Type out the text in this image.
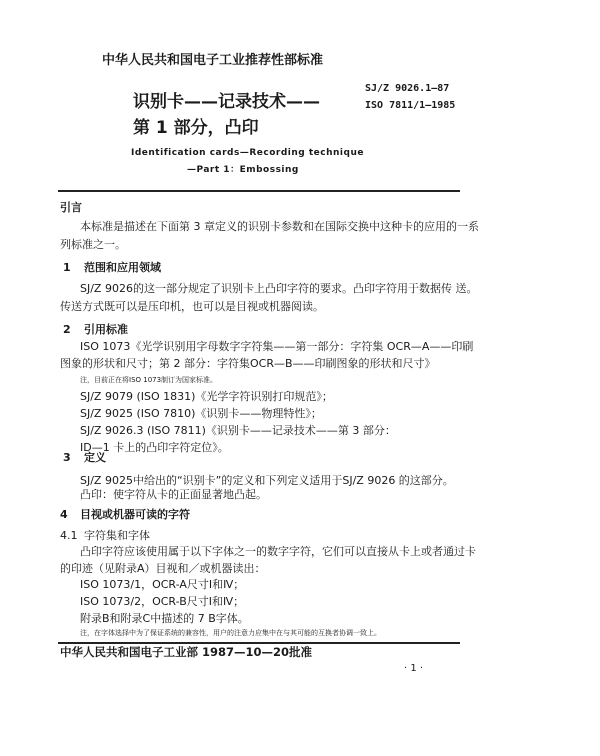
中华人民共和国电子工业推荐性部标准
SJ/Z 9026.1—87
ISO 7811/1—1985
识别卡——记录技术——
第 1 部分，凸印
Identification cards—Recording technique
—Part 1：Embossing
引言
本标准是描述在下面第 3 章定义的识别卡参数和在国际交换中这种卡的应用的一系
列标准之一。
1 范围和应用领域
SJ/Z 9026的这一部分规定了识别卡上凸印字符的要求。凸印字符用于数据传 送。
传送方式既可以是压印机，也可以是目视或机器阅读。
2 引用标准
ISO 1073《光学识别用字母数字字符集——第一部分：字符集 OCR—A——印刷
图象的形状和尺寸；第 2 部分：字符集OCR—B——印刷图象的形状和尺寸》
注，目前正在将ISO 1073制订为国家标准。
SJ/Z 9079 (ISO 1831)《光学字符识别打印规范》；
SJ/Z 9025 (ISO 7810)《识别卡——物理特性》；
SJ/Z 9026.3 (ISO 7811)《识别卡——记录技术——第 3 部分：
ID—1 卡上的凸印字符定位》。
3 定义
SJ/Z 9025中给出的“识别卡”的定义和下列定义适用于SJ/Z 9026 的这部分。
凸印：使字符从卡的正面显著地凸起。
4 目视或机器可读的字符
4.1 字符集和字体
凸印字符应该使用属于以下字体之一的数字字符，它们可以直接从卡上或者通过卡
的印迹（见附录A）目视和／或机器读出：
ISO 1073/1，OCR-A尺寸Ⅰ和Ⅳ；
ISO 1073/2，OCR-B尺寸Ⅰ和Ⅳ；
附录B和附录C中描述的 7 B字体。
注，在字体选择中为了保证系统的兼容性，用户的注意力应集中在与其可能的互换者协调一致上。
中华人民共和国电子工业部 1987—10—20批准
· 1 ·
